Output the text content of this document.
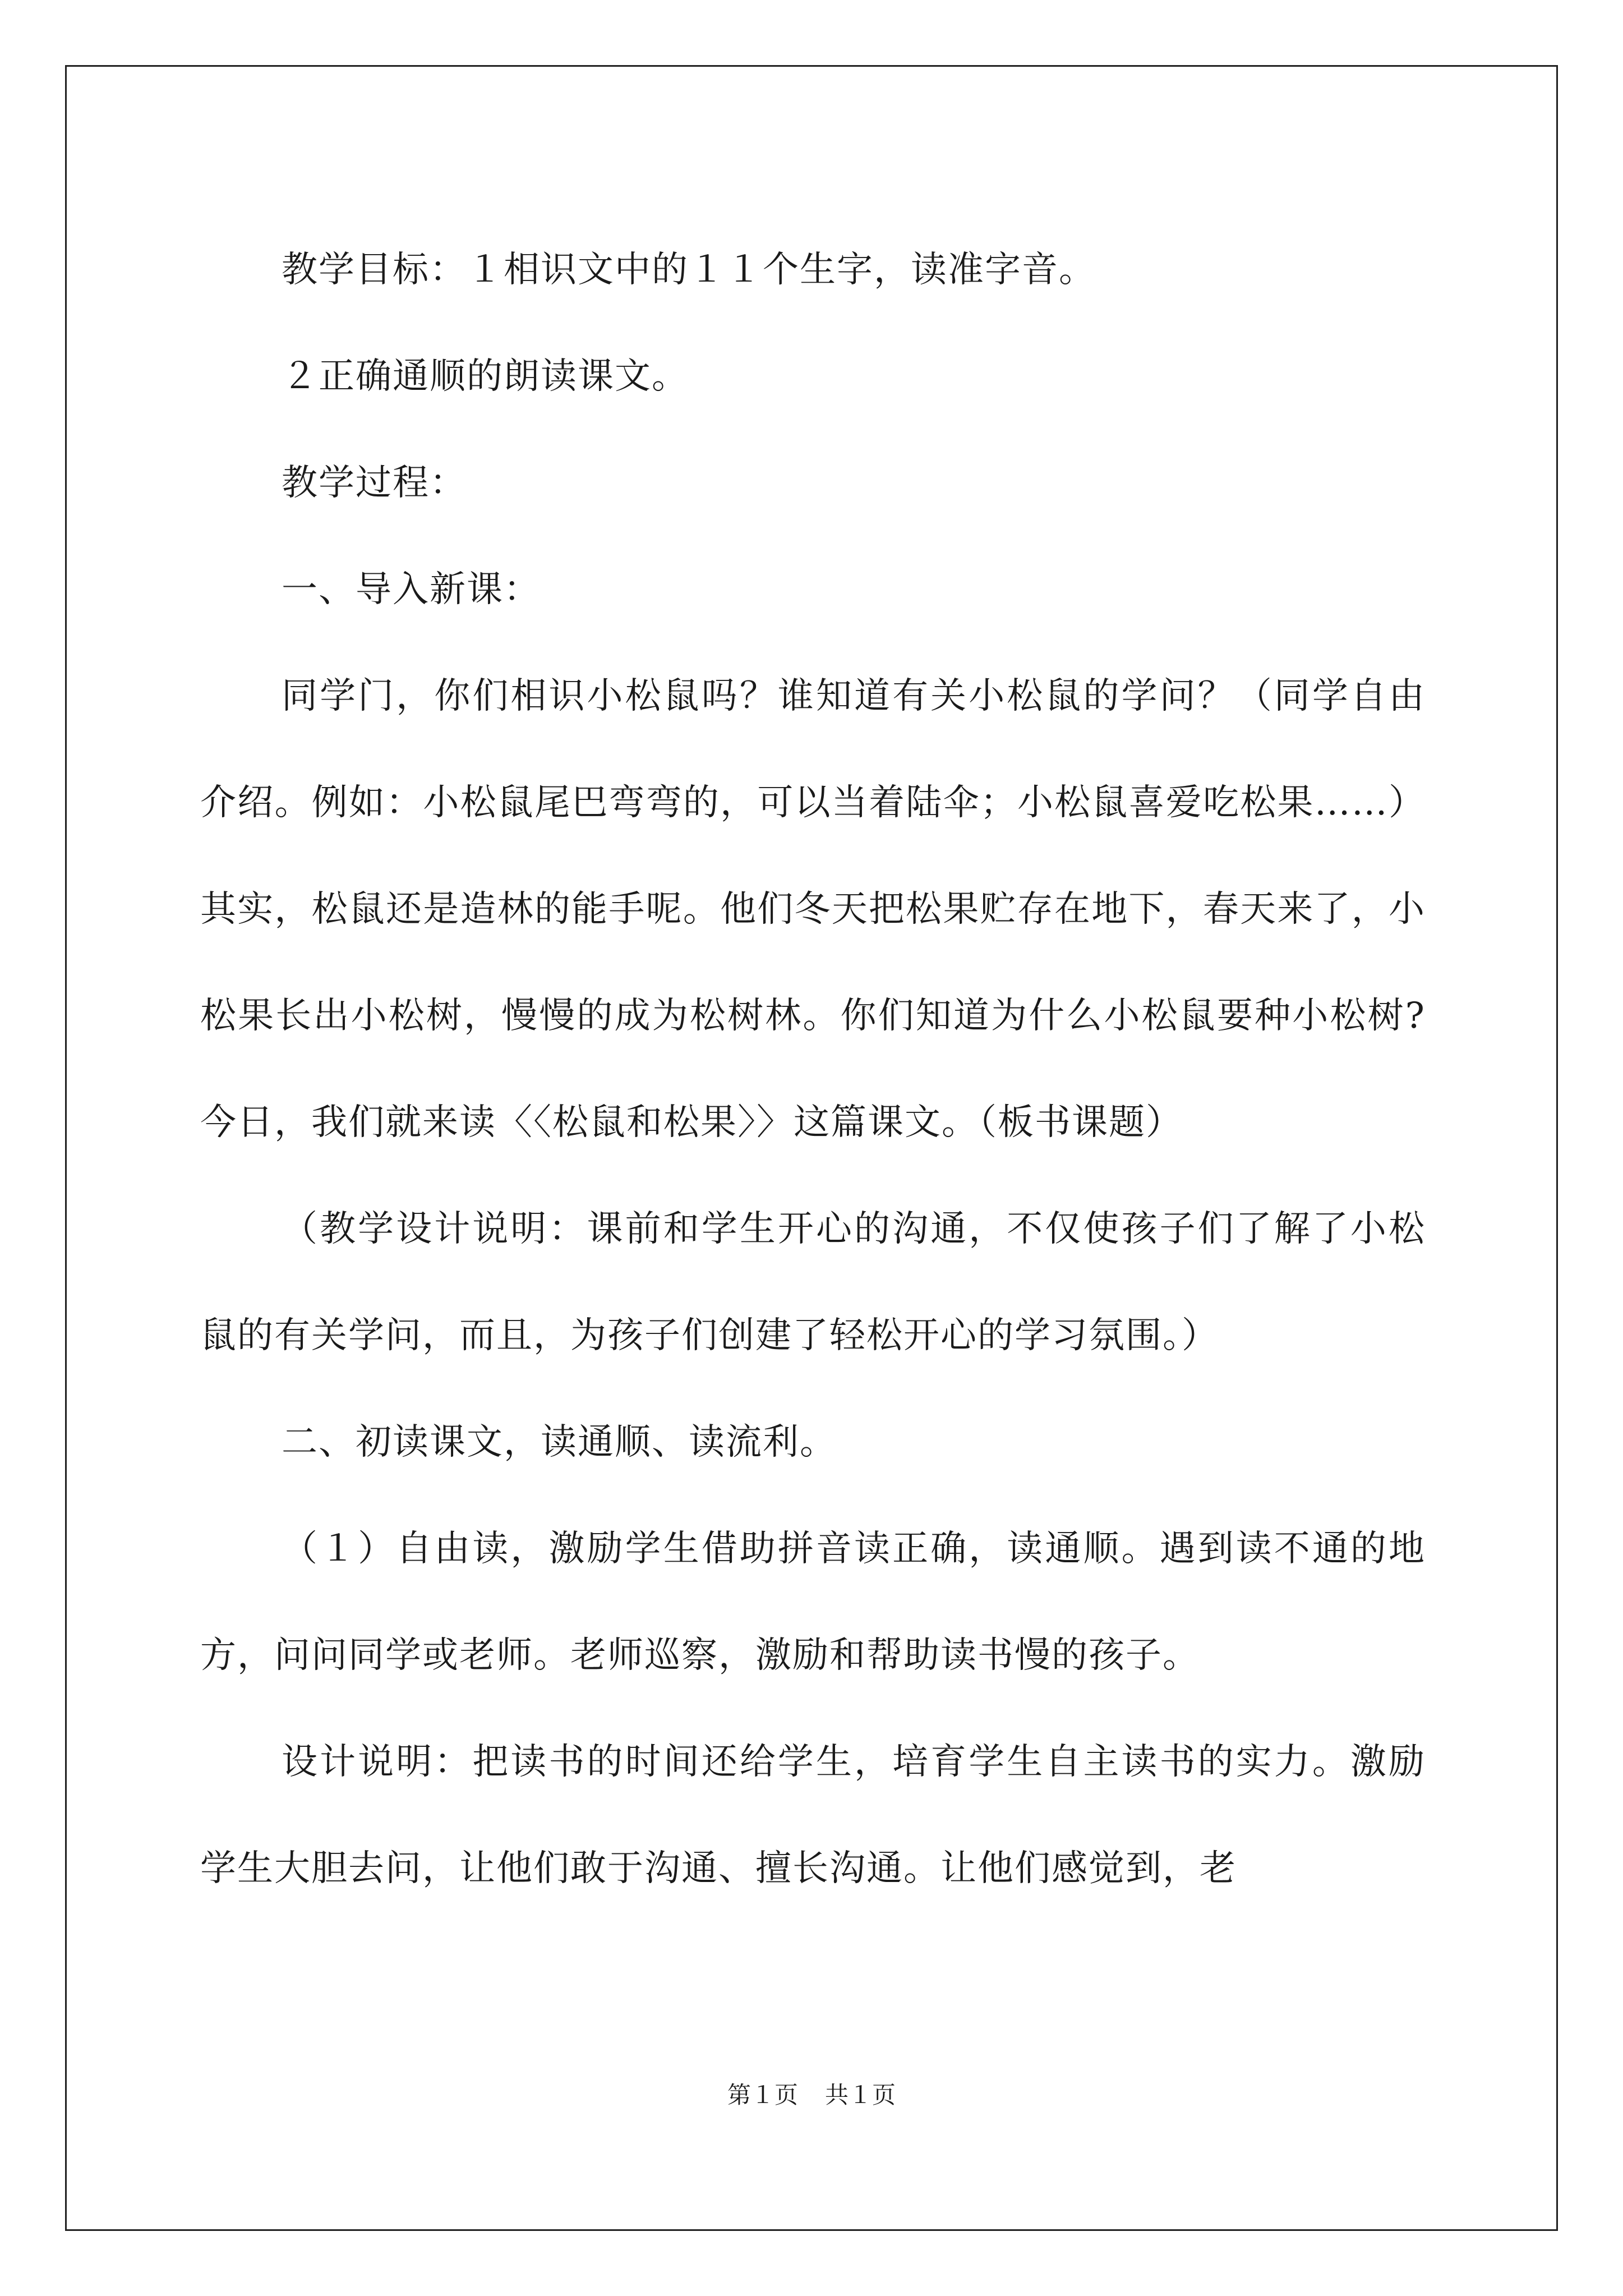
教学目标：１相识文中的１１个生字，读准字音。

２正确通顺的朗读课文。

教学过程：

一、导入新课：

同学门，你们相识小松鼠吗？谁知道有关小松鼠的学问？（同学自由介绍。例如：小松鼠尾巴弯弯的，可以当着陆伞；小松鼠喜爱吃松果……）其实，松鼠还是造林的能手呢。他们冬天把松果贮存在地下，春天来了，小松果长出小松树，慢慢的成为松树林。你们知道为什么小松鼠要种小松树?今日，我们就来读〈〈松鼠和松果〉〉这篇课文。（板书课题）

（教学设计说明：课前和学生开心的沟通，不仅使孩子们了解了小松鼠的有关学问，而且，为孩子们创建了轻松开心的学习氛围。）

二、初读课文，读通顺、读流利。

（１）自由读，激励学生借助拼音读正确，读通顺。遇到读不通的地方，问问同学或老师。老师巡察，激励和帮助读书慢的孩子。

设计说明：把读书的时间还给学生，培育学生自主读书的实力。激励学生大胆去问，让他们敢于沟通、擅长沟通。让他们感觉到，老

第１页 共１页
